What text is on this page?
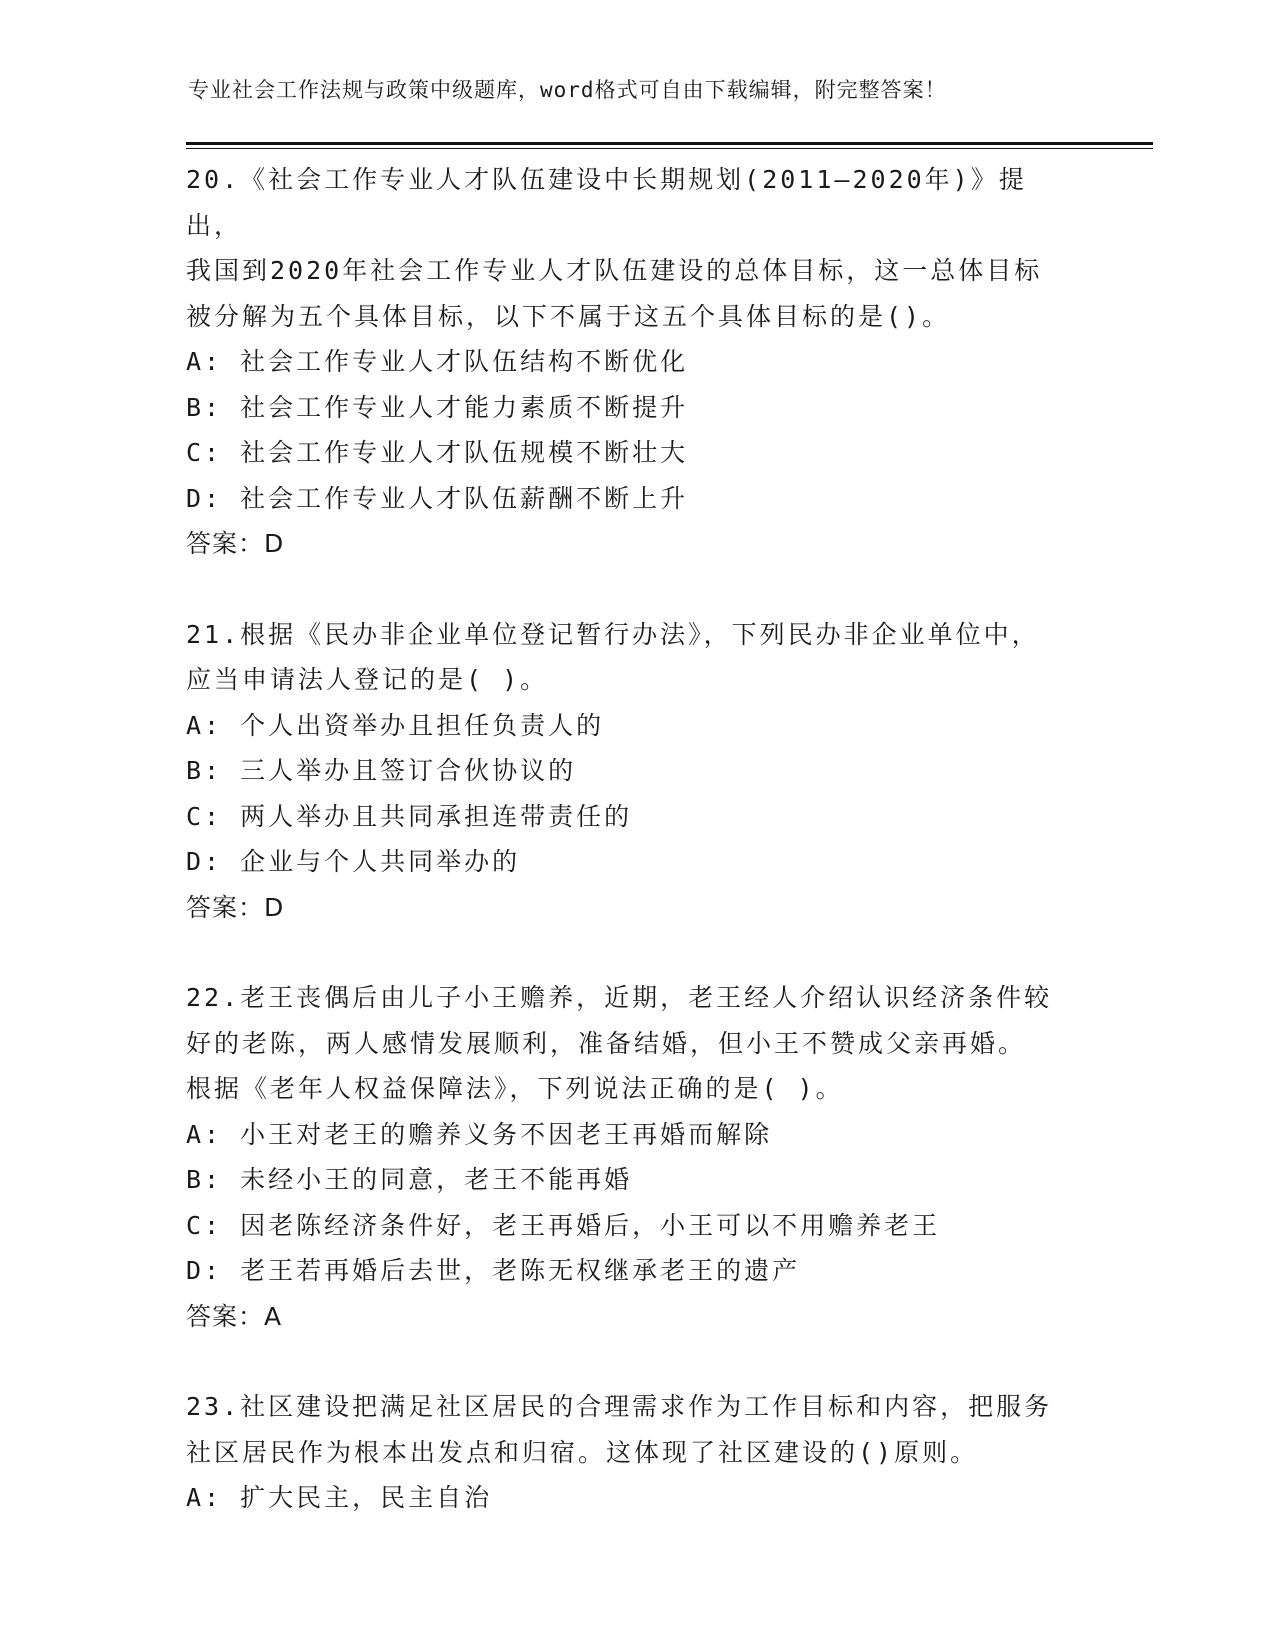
专业社会工作法规与政策中级题库，word格式可自由下载编辑，附完整答案！
20.《社会工作专业人才队伍建设中长期规划(2011—2020年)》提出，
我国到2020年社会工作专业人才队伍建设的总体目标，这一总体目标
被分解为五个具体目标，以下不属于这五个具体目标的是()。
A: 社会工作专业人才队伍结构不断优化
B: 社会工作专业人才能力素质不断提升
C: 社会工作专业人才队伍规模不断壮大
D: 社会工作专业人才队伍薪酬不断上升
答案：D
21.根据《民办非企业单位登记暂行办法》，下列民办非企业单位中，
应当申请法人登记的是( )。
A: 个人出资举办且担任负责人的
B: 三人举办且签订合伙协议的
C: 两人举办且共同承担连带责任的
D: 企业与个人共同举办的
答案：D
22.老王丧偶后由儿子小王赡养，近期，老王经人介绍认识经济条件较
好的老陈，两人感情发展顺利，准备结婚，但小王不赞成父亲再婚。
根据《老年人权益保障法》，下列说法正确的是( )。
A: 小王对老王的赡养义务不因老王再婚而解除
B: 未经小王的同意，老王不能再婚
C: 因老陈经济条件好，老王再婚后，小王可以不用赡养老王
D: 老王若再婚后去世，老陈无权继承老王的遗产
答案：A
23.社区建设把满足社区居民的合理需求作为工作目标和内容，把服务
社区居民作为根本出发点和归宿。这体现了社区建设的()原则。
A: 扩大民主，民主自治
